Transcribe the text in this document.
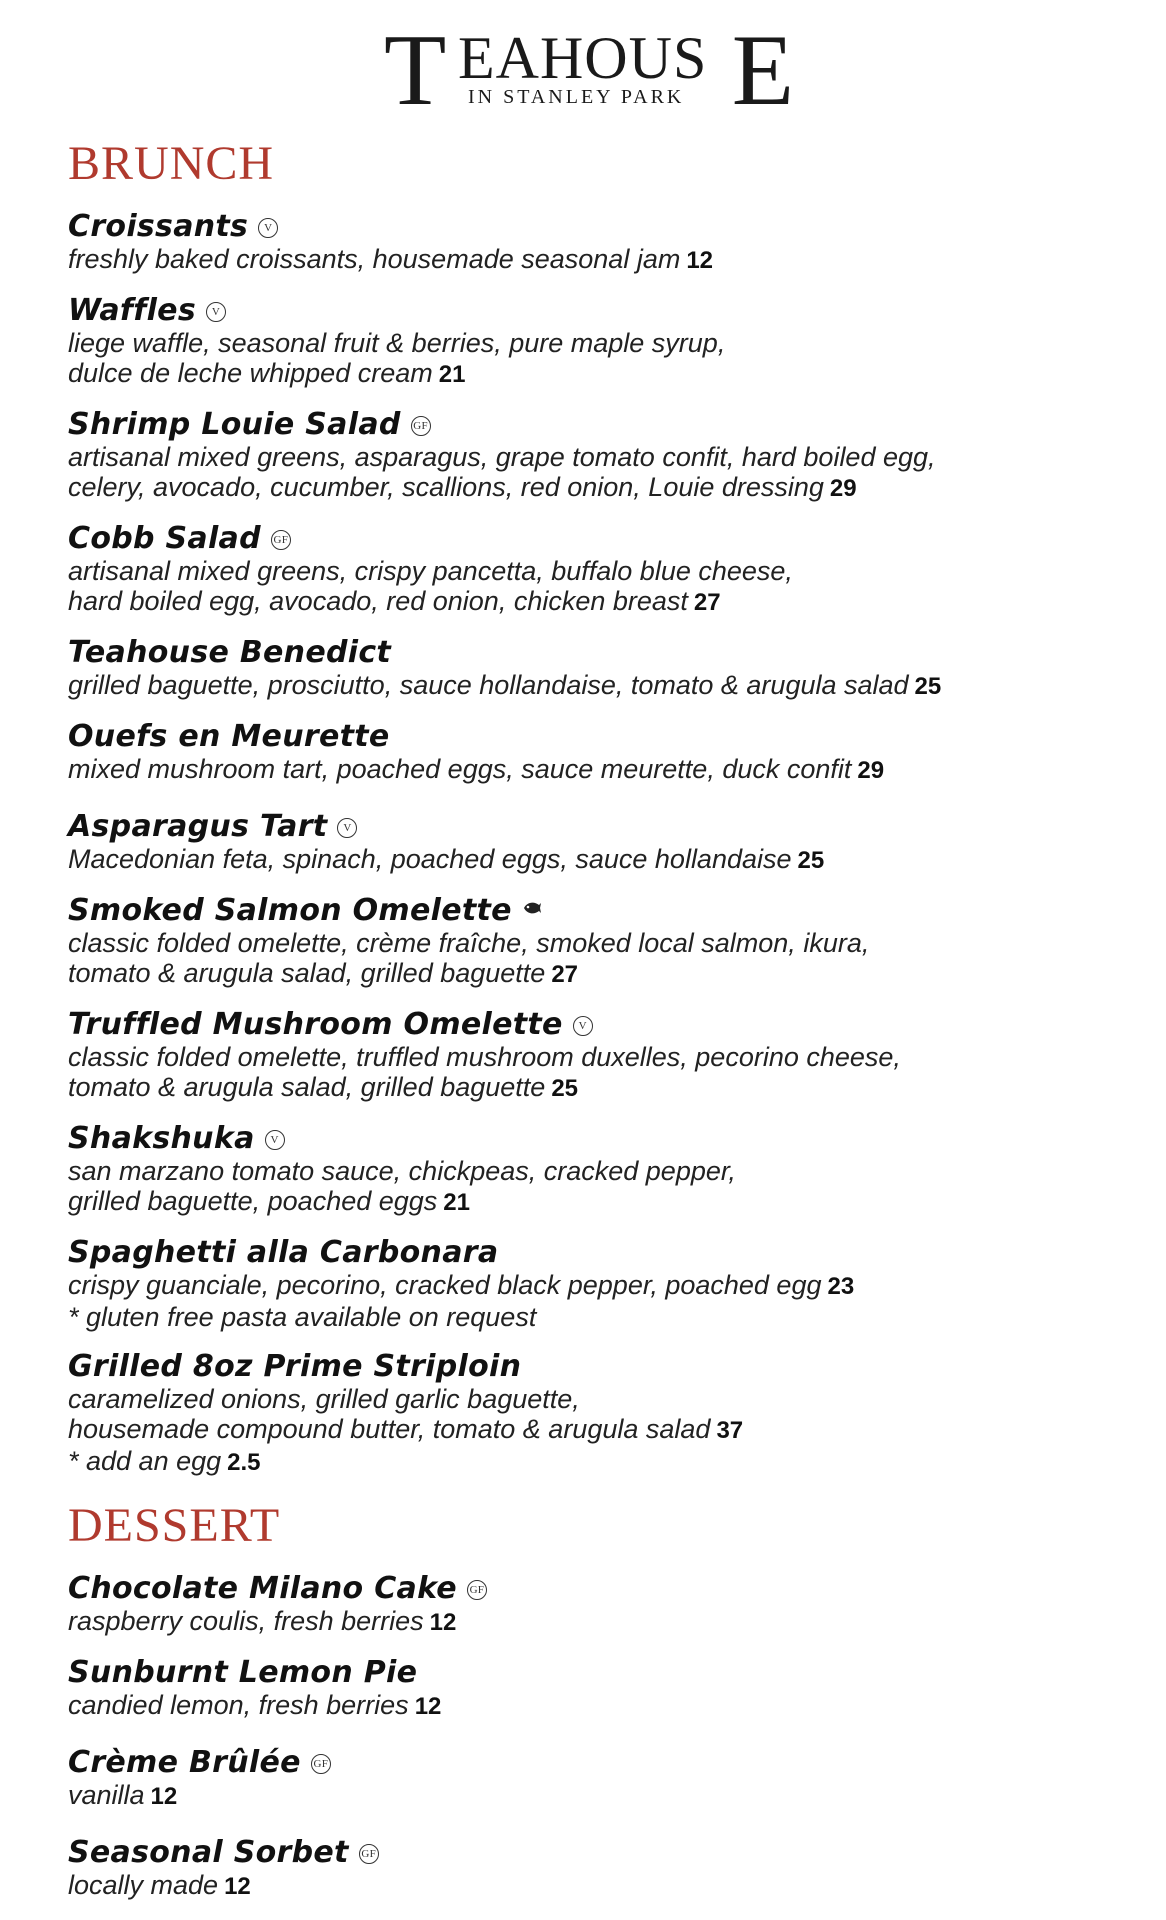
T EAHOUS E
IN STANLEY PARK
BRUNCH
DESSERT
Croissants V
freshly baked croissants, housemade seasonal jam 12
Waffles V
liege waffle, seasonal fruit & berries, pure maple syrup,
dulce de leche whipped cream 21
Shrimp Louie Salad GF
artisanal mixed greens, asparagus, grape tomato confit, hard boiled egg,
celery, avocado, cucumber, scallions, red onion, Louie dressing 29
Cobb Salad GF
artisanal mixed greens, crispy pancetta, buffalo blue cheese,
hard boiled egg, avocado, red onion, chicken breast 27
Teahouse Benedict
grilled baguette, prosciutto, sauce hollandaise, tomato & arugula salad 25
Ouefs en Meurette
mixed mushroom tart, poached eggs, sauce meurette, duck confit 29
Asparagus Tart V
Macedonian feta, spinach, poached eggs, sauce hollandaise 25
Smoked Salmon Omelette
classic folded omelette, crème fraîche, smoked local salmon, ikura,
tomato & arugula salad, grilled baguette 27
Truffled Mushroom Omelette V
classic folded omelette, truffled mushroom duxelles, pecorino cheese,
tomato & arugula salad, grilled baguette 25
Shakshuka V
san marzano tomato sauce, chickpeas, cracked pepper,
grilled baguette, poached eggs 21
Spaghetti alla Carbonara
crispy guanciale, pecorino, cracked black pepper, poached egg 23
* gluten free pasta available on request
Grilled 8oz Prime Striploin
caramelized onions, grilled garlic baguette,
housemade compound butter, tomato & arugula salad 37
* add an egg 2.5
Chocolate Milano Cake GF
raspberry coulis, fresh berries 12
Sunburnt Lemon Pie
candied lemon, fresh berries 12
Crème Brûlée GF
vanilla 12
Seasonal Sorbet GF
locally made 12
